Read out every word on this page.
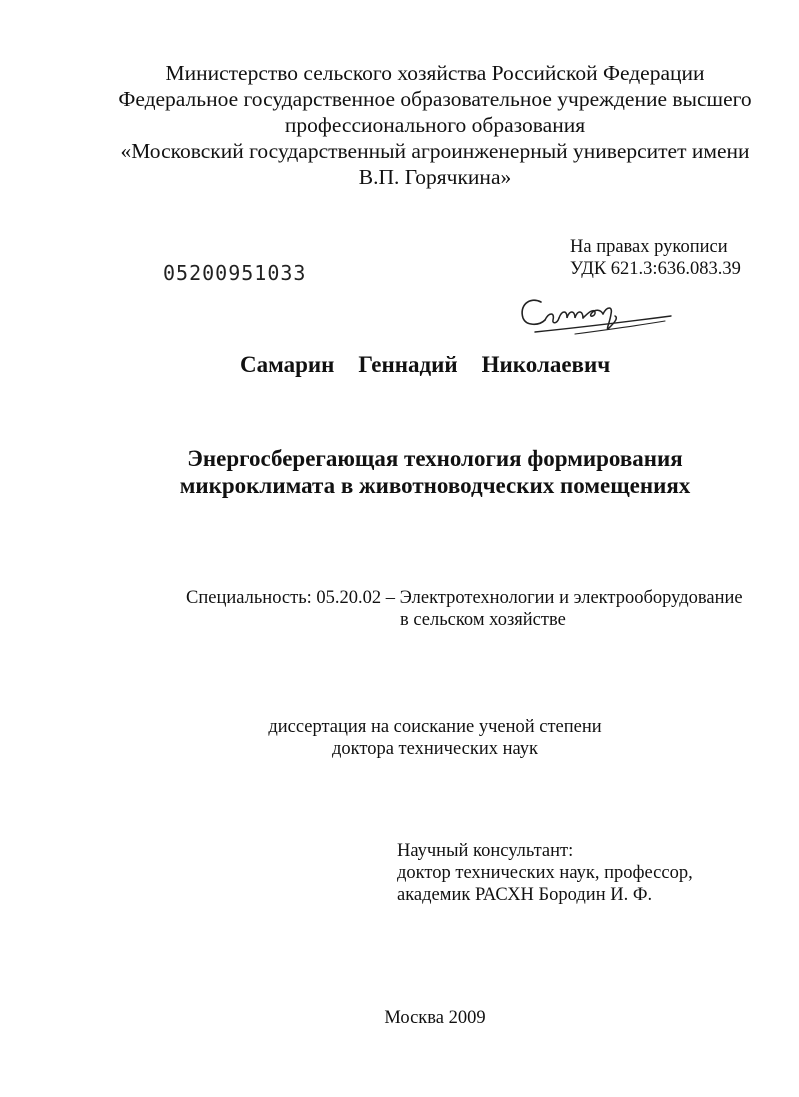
Министерство сельского хозяйства Российской Федерации
Федеральное государственное образовательное учреждение высшего
профессионального образования
«Московский государственный агроинженерный университет имени
В.П. Горячкина»
05200951033
На правах рукописи
УДК 621.3:636.083.39
Самарин Геннадий Николаевич
Энергосберегающая технология формирования
микроклимата в животноводческих помещениях
Специальность: 05.20.02 – Электротехнологии и электрооборудование
в сельском хозяйстве
диссертация на соискание ученой степени
доктора технических наук
Научный консультант:
доктор технических наук, профессор,
академик РАСХН Бородин И. Ф.
Москва 2009
